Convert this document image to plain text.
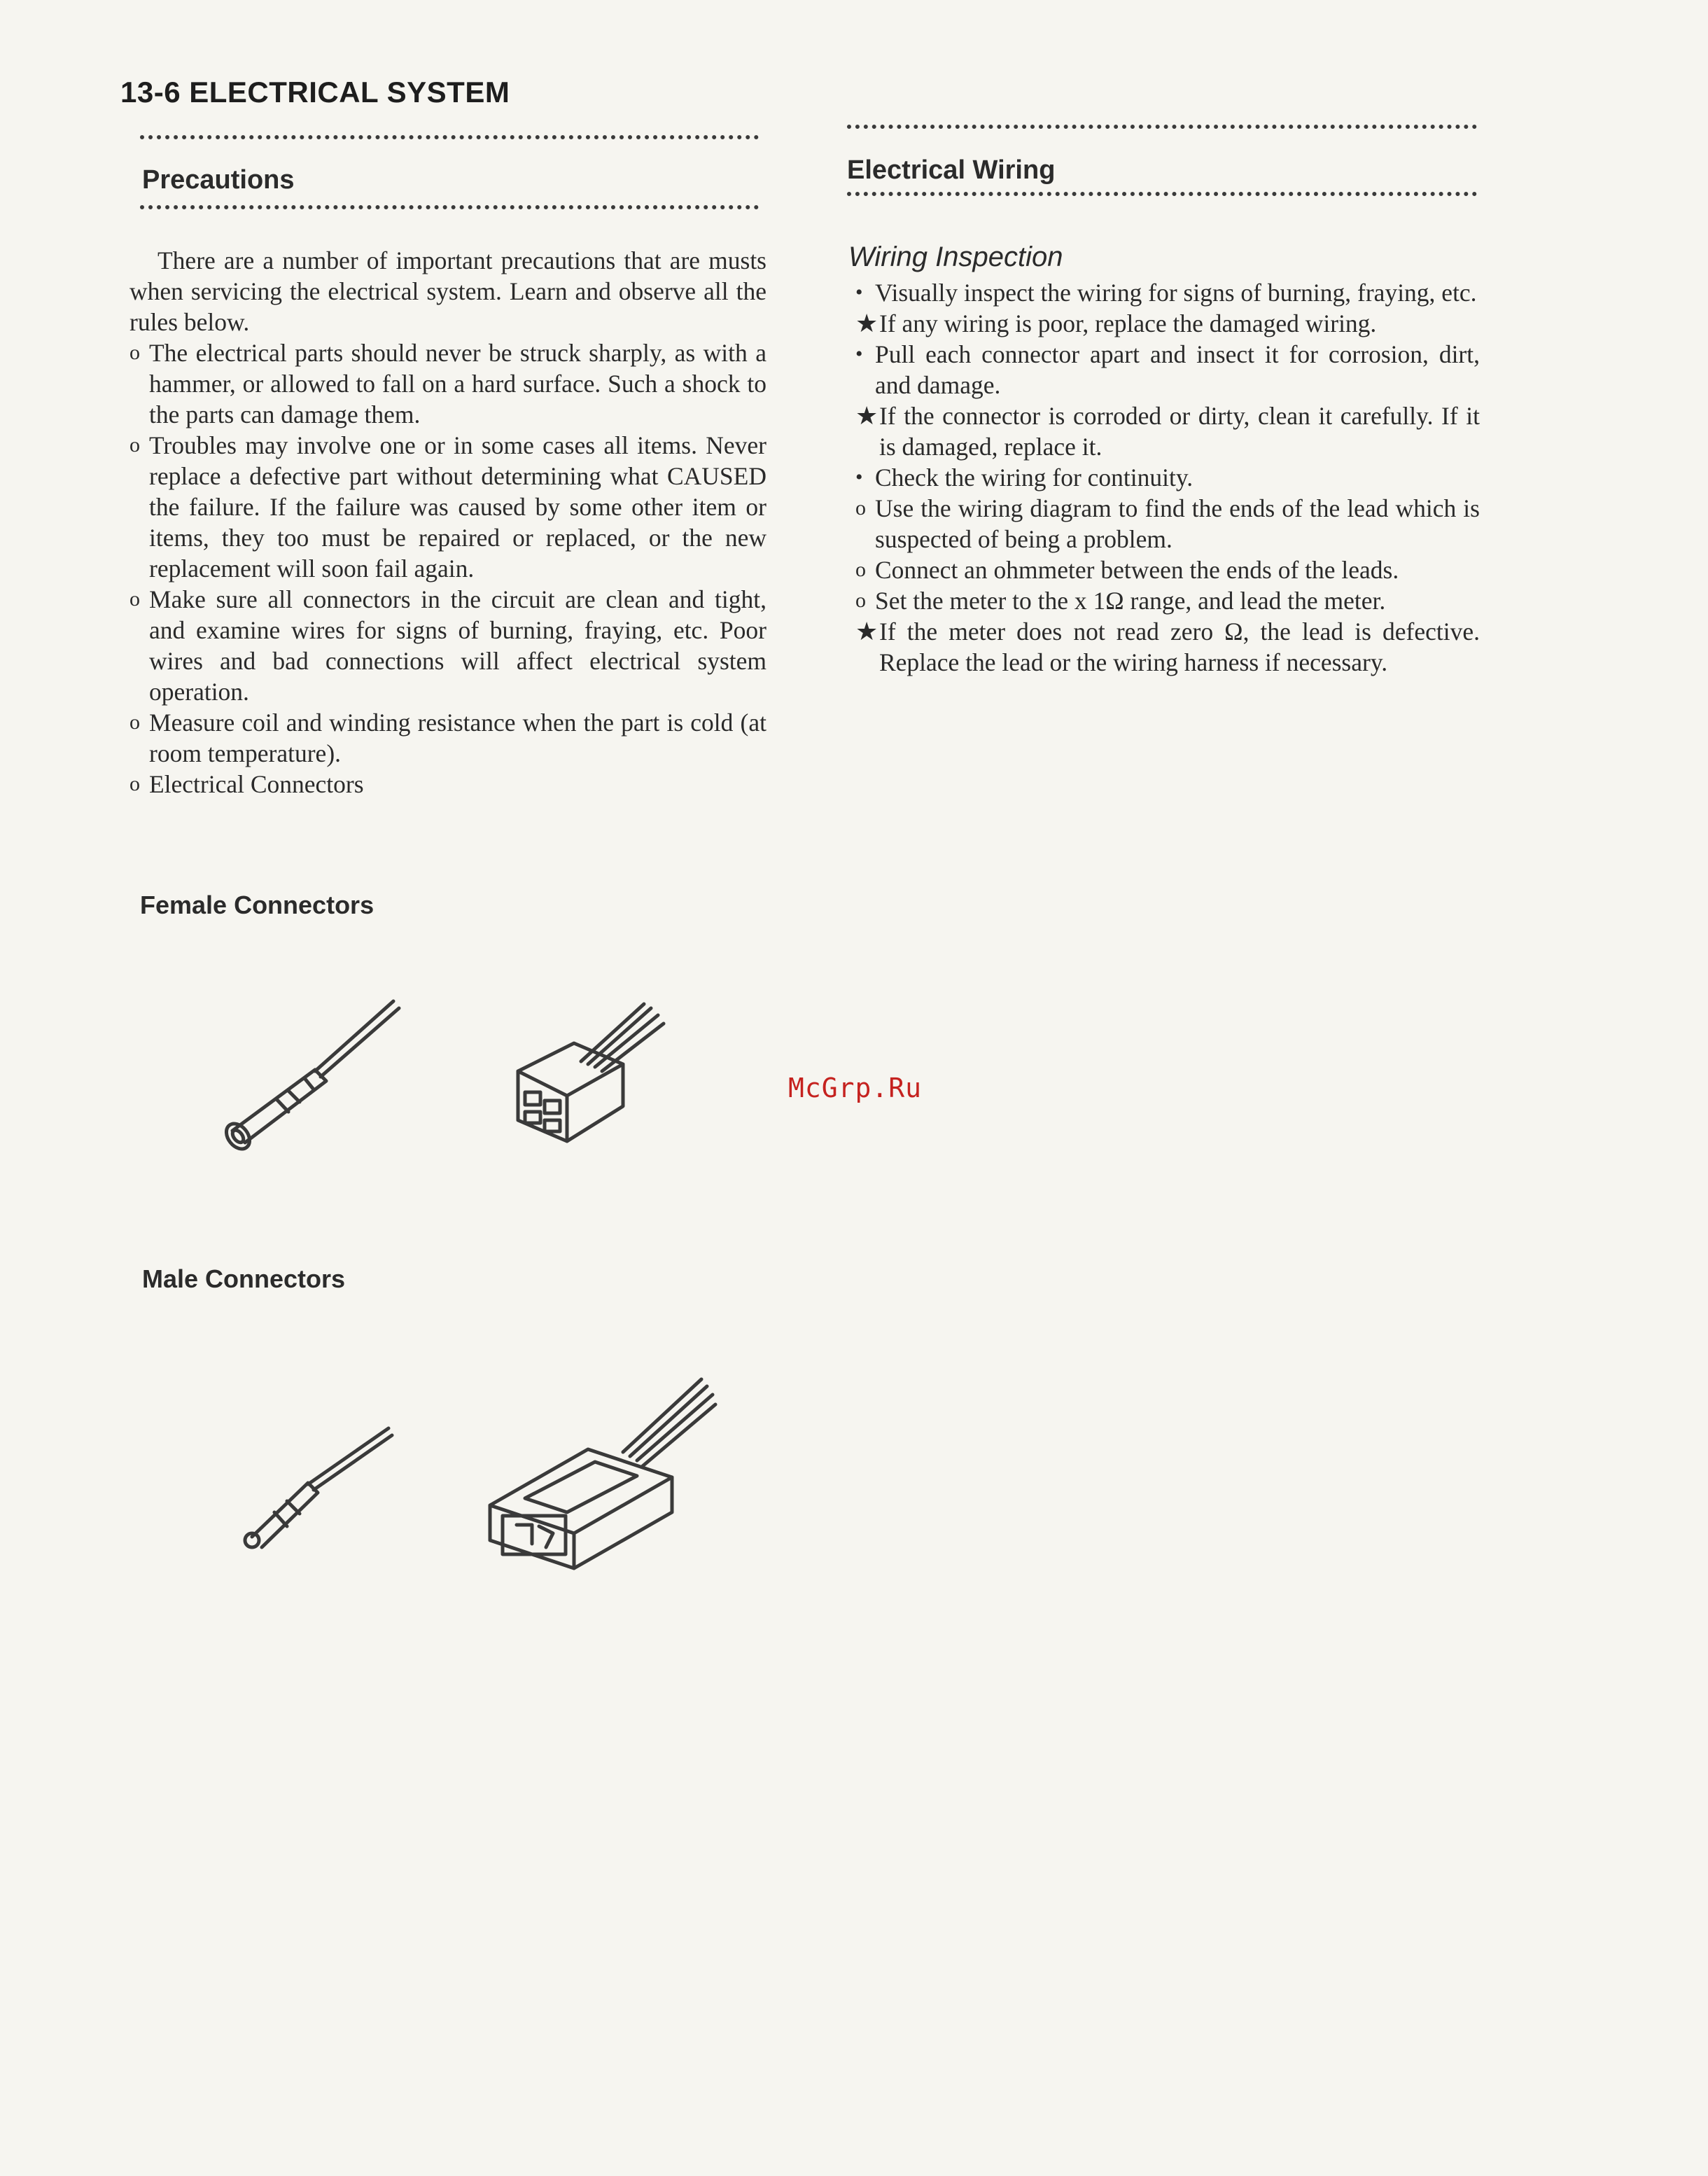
13-6 ELECTRICAL SYSTEM
Precautions

There are a number of important precautions that are musts when servicing the electrical system. Learn and observe all the rules below.

o The electrical parts should never be struck sharply, as with a hammer, or allowed to fall on a hard surface. Such a shock to the parts can damage them.
o Troubles may involve one or in some cases all items. Never replace a defective part without determining what CAUSED the failure. If the failure was caused by some other item or items, they too must be repaired or replaced, or the new replacement will soon fail again.
o Make sure all connectors in the circuit are clean and tight, and examine wires for signs of burning, fraying, etc. Poor wires and bad connections will affect electrical system operation.
o Measure coil and winding resistance when the part is cold (at room temperature).
o Electrical Connectors
Female Connectors
Male Connectors
Electrical Wiring
Wiring Inspection
• Visually inspect the wiring for signs of burning, fraying, etc.
★ If any wiring is poor, replace the damaged wiring.
• Pull each connector apart and insect it for corrosion, dirt, and damage.
★ If the connector is corroded or dirty, clean it carefully. If it is damaged, replace it.
• Check the wiring for continuity.
o Use the wiring diagram to find the ends of the lead which is suspected of being a problem.
o Connect an ohmmeter between the ends of the leads.
o Set the meter to the x 1Ω range, and lead the meter.
★ If the meter does not read zero Ω, the lead is defective. Replace the lead or the wiring harness if necessary.
McGrp.Ru
